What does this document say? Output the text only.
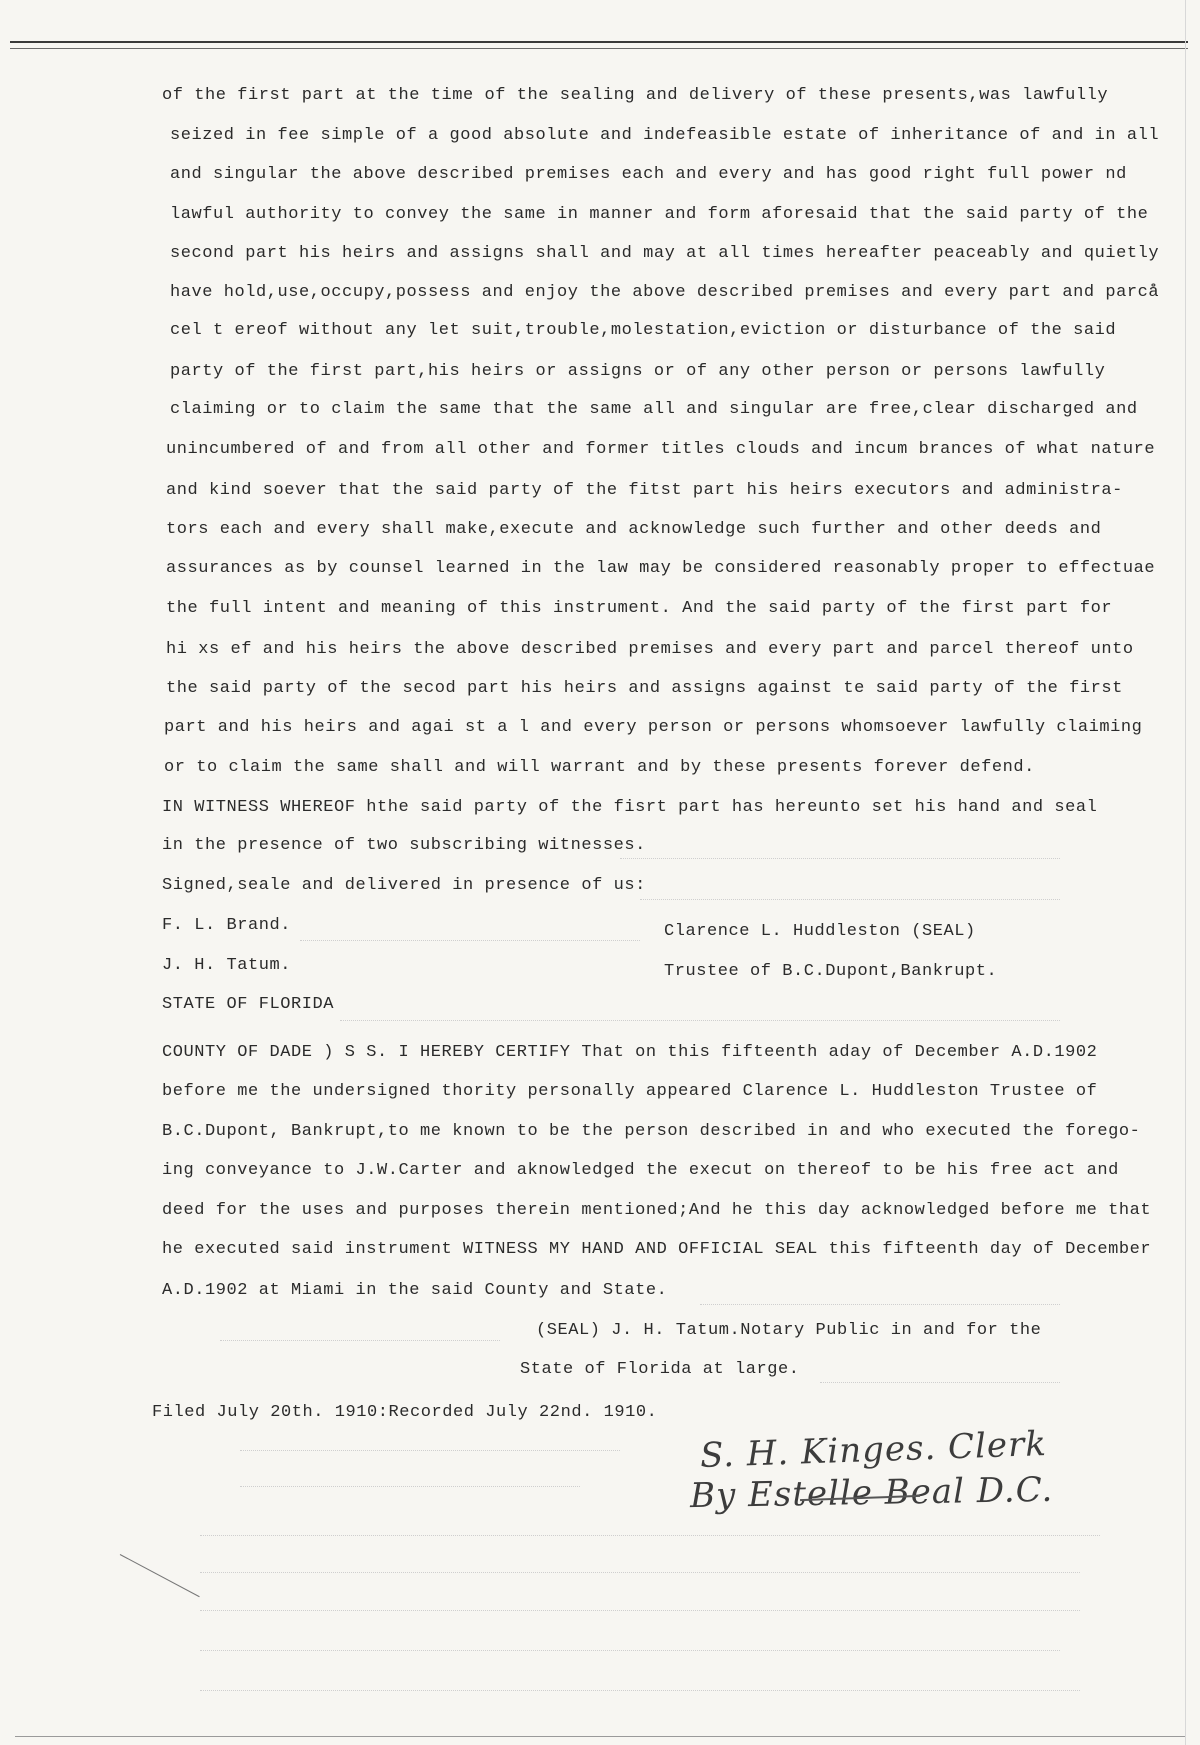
of the first part at the time of the sealing and delivery of these presents,was lawfully
seized in fee simple of a good absolute and indefeasible estate of inheritance of and in all
and singular the above described premises each and every and has good right full power nd
lawful authority to convey the same in manner and form aforesaid that the said party of the
second part his heirs and assigns shall and may at all times hereafter peaceably and quietly
have hold,use,occupy,possess and enjoy the above described premises and every part and parcå
cel t ereof without any let suit,trouble,molestation,eviction or disturbance of the said
party of the first part,his heirs or assigns or of any other person or persons lawfully
claiming or to claim the same that the same all and singular are free,clear discharged and
unincumbered of and from all other and former titles clouds and incum brances of what nature
and kind soever that the said party of the fitst part his heirs executors and administra-
tors each and every shall make,execute and acknowledge such further and other deeds and
assurances as by counsel learned in the law may be considered reasonably proper to effectuae
the full intent and meaning of this instrument. And the said party of the first part for
hi xs ef and his heirs the above described premises and every part and parcel thereof unto
the said party of the secod part his heirs and assigns against te said party of the first
part and his heirs and agai st a l and every person or persons whomsoever lawfully claiming
or to claim the same shall and will warrant and by these presents forever defend.
IN WITNESS WHEREOF hthe said party of the fisrt part has hereunto set his hand and seal
in the presence of two subscribing witnesses.
Signed,seale and delivered in presence of us:
F. L. Brand.	Clarence L. Huddleston (SEAL)
J. H. Tatum.	Trustee of B.C.Dupont,Bankrupt.
STATE OF FLORIDA
COUNTY OF DADE ) S S. I HEREBY CERTIFY That on this fifteenth aday of December A.D.1902
before me the undersigned thority personally appeared Clarence L. Huddleston Trustee of
B.C.Dupont, Bankrupt,to me known to be the person described in and who executed the forego-
ing conveyance to J.W.Carter and aknowledged the execut on thereof to be his free act and
deed for the uses and purposes therein mentioned;And he this day acknowledged before me that
he executed said instrument WITNESS MY HAND AND OFFICIAL SEAL this fifteenth day of December
A.D.1902 at Miami in the said County and State.
(SEAL) J. H. Tatum.Notary Public in and for the
State of Florida at large.
Filed July 20th. 1910:Recorded July 22nd. 1910.
S. H. Kinges. Clerk
By Estelle Beal D.C.
